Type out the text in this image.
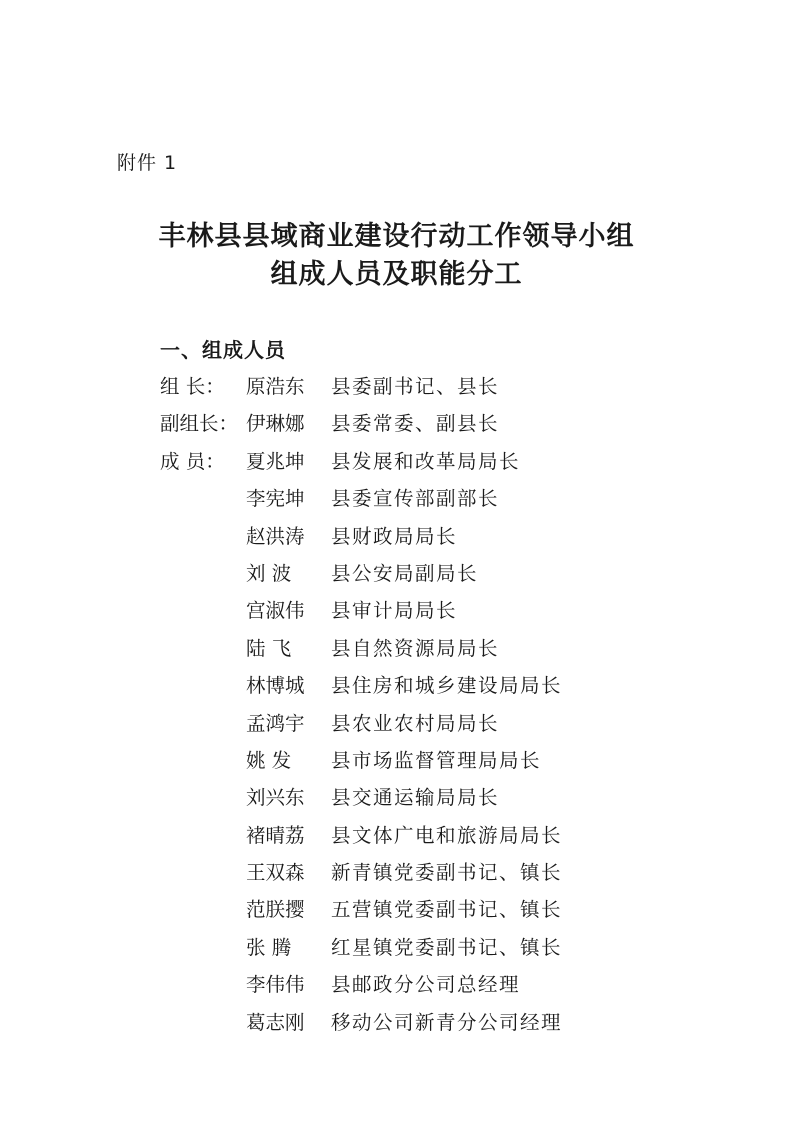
附件 1
丰林县县域商业建设行动工作领导小组
组成人员及职能分工
一、组成人员
组 长：	原浩东	县委副书记、县长
副组长： 伊琳娜	县委常委、副县长
成 员：	夏兆坤	县发展和改革局局长
李宪坤	县委宣传部副部长
赵洪涛	县财政局局长
刘 波	县公安局副局长
宫淑伟	县审计局局长
陆 飞	县自然资源局局长
林博城	县住房和城乡建设局局长
孟鸿宇	县农业农村局局长
姚 发	县市场监督管理局局长
刘兴东	县交通运输局局长
褚晴荔	县文体广电和旅游局局长
王双森	新青镇党委副书记、镇长
范朕撄	五营镇党委副书记、镇长
张 腾	红星镇党委副书记、镇长
李伟伟	县邮政分公司总经理
葛志刚	移动公司新青分公司经理
